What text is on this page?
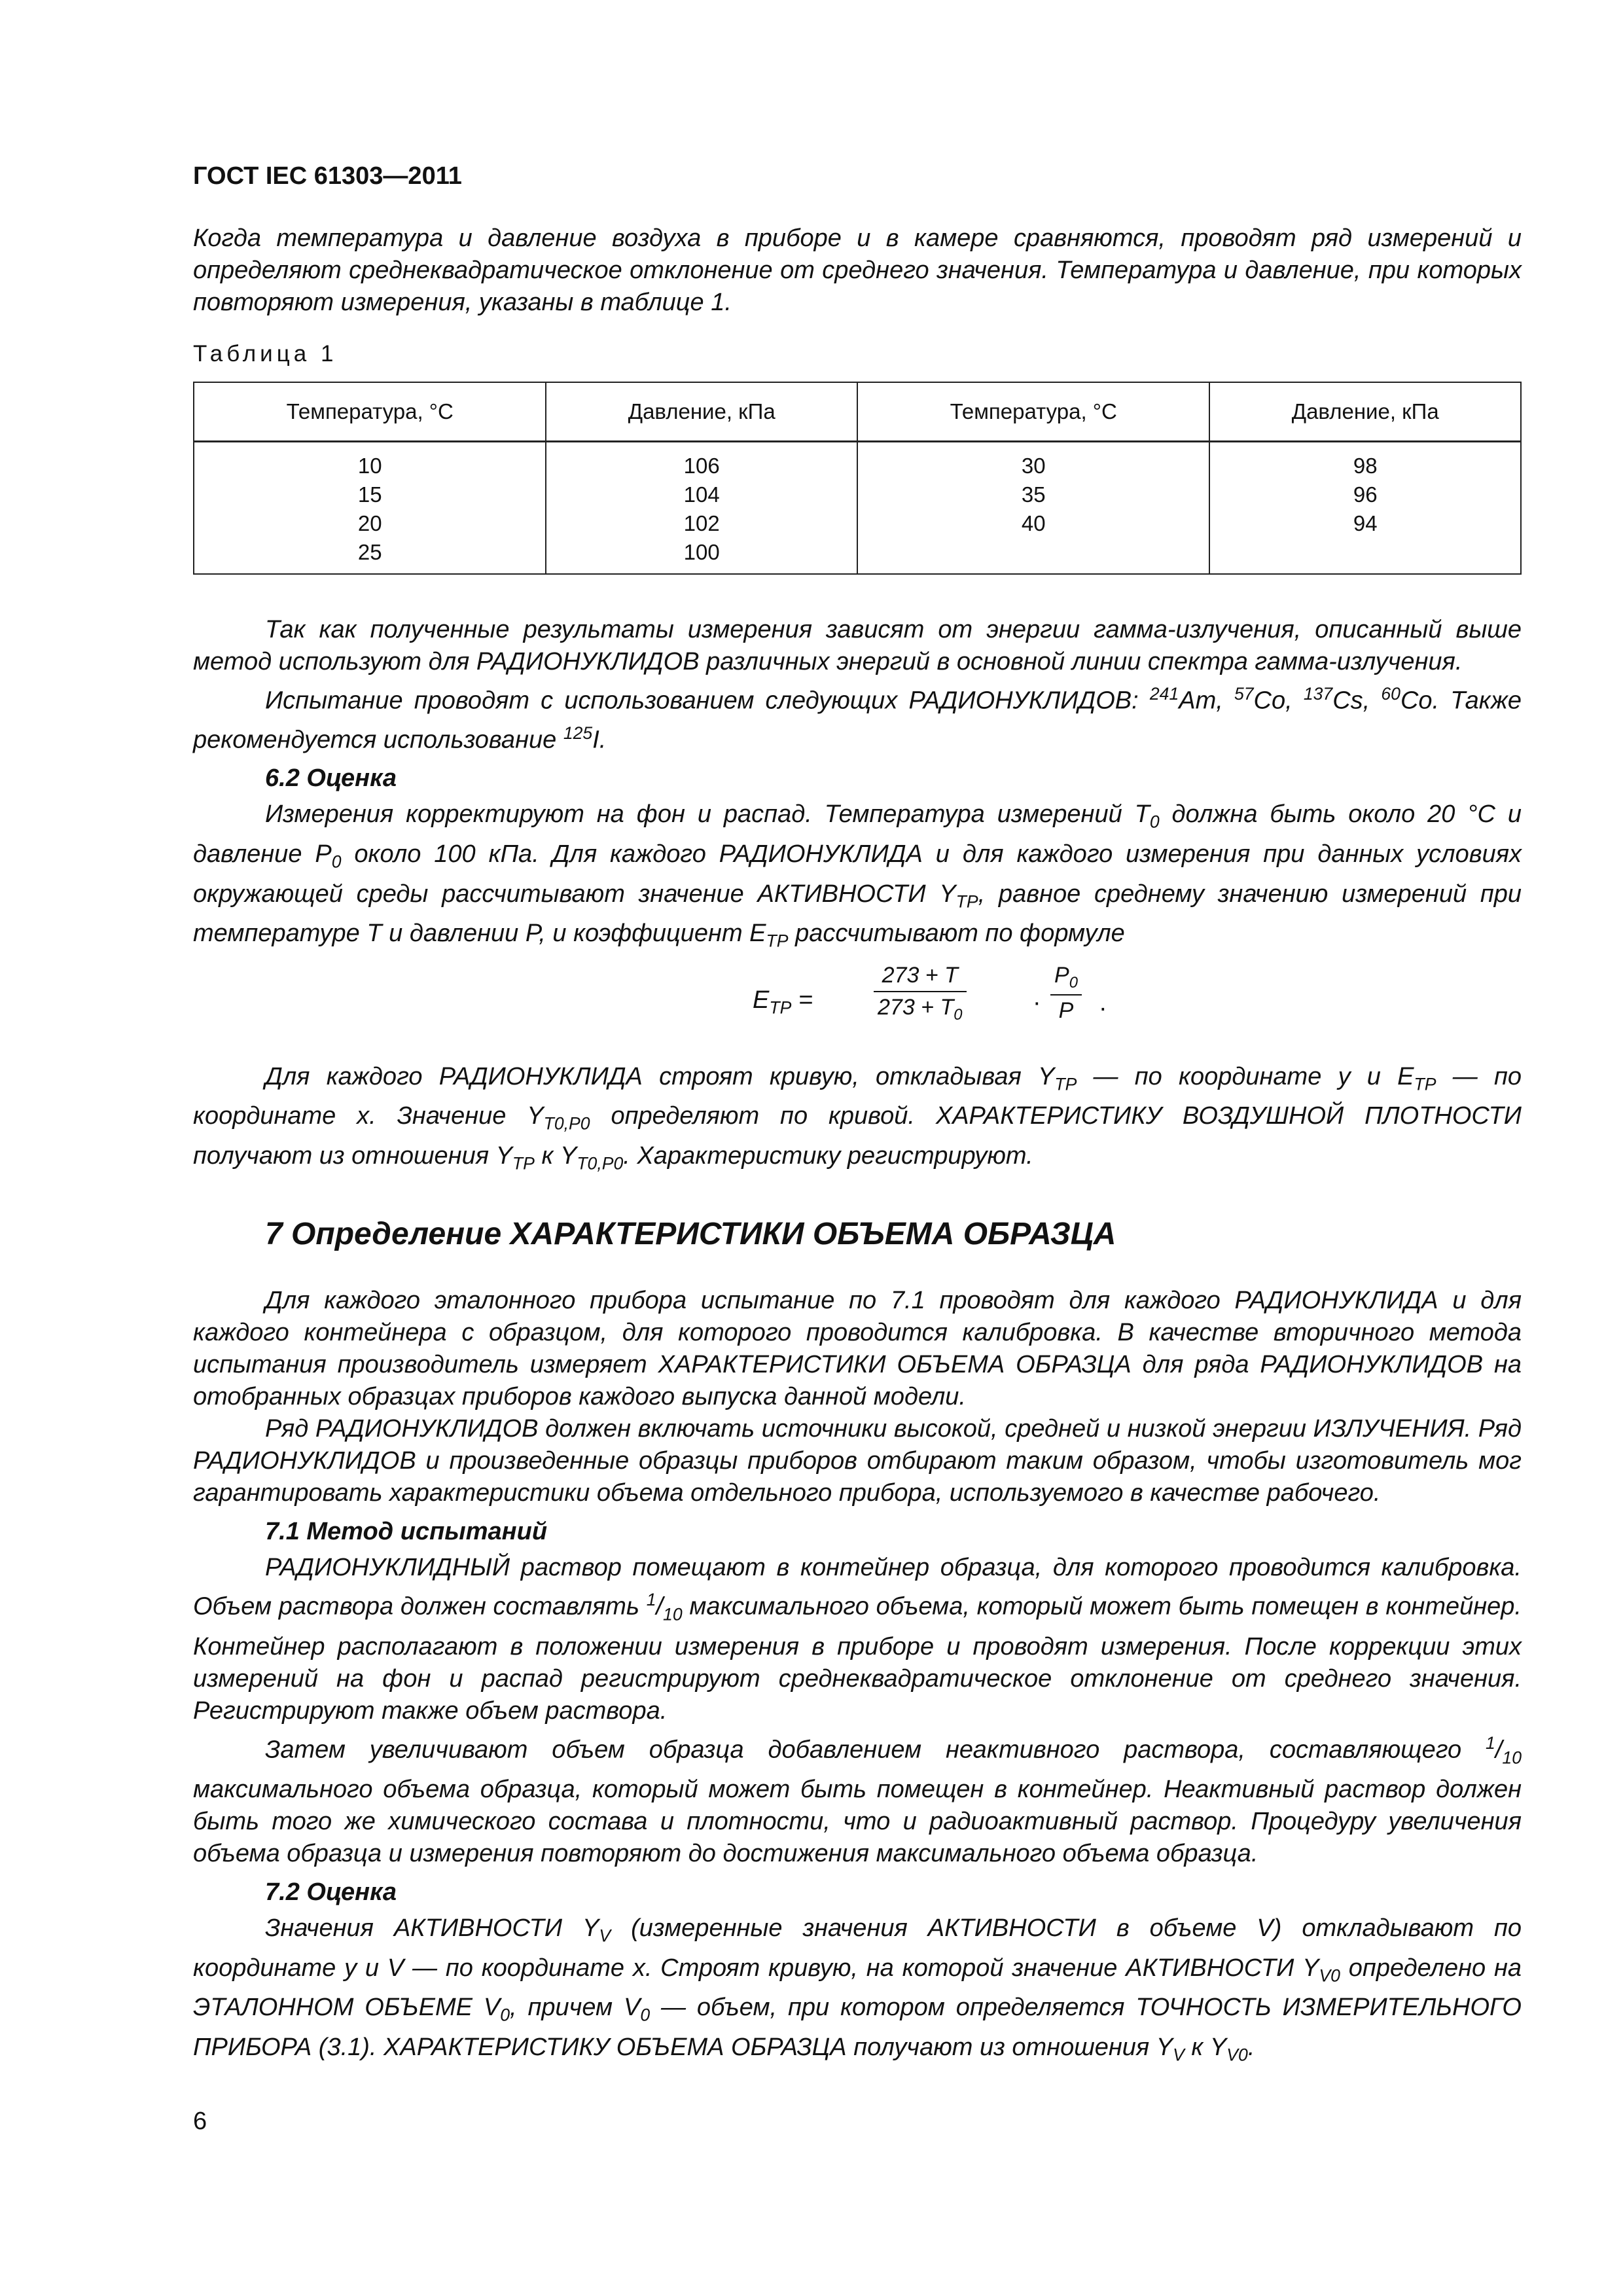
ГОСТ IEC 61303—2011

Когда температура и давление воздуха в приборе и в камере сравняются, проводят ряд измерений и определяют среднеквадратическое отклонение от среднего значения. Температура и давление, при которых повторяют измерения, указаны в таблице 1.

Таблица 1
Температура, °С	Давление, кПа	Температура, °С	Давление, кПа
10
15
20
25	106
104
102
100	30
35
40	98
96
94

Так как полученные результаты измерения зависят от энергии гамма-излучения, описанный выше метод используют для РАДИОНУКЛИДОВ различных энергий в основной линии спектра гамма-излучения.

Испытание проводят с использованием следующих РАДИОНУКЛИДОВ: $^{241}$Am, $^{57}$Co, $^{137}$Cs, $^{60}$Co. Также рекомендуется использование $^{125}$I.

6.2 Оценка

Измерения корректируют на фон и распад. Температура измерений $T_0$ должна быть около 20 °С и давление $P_0$ около 100 кПа. Для каждого РАДИОНУКЛИДА и для каждого измерения при данных условиях окружающей среды рассчитывают значение АКТИВНОСТИ $Y_{TP}$, равное среднему значению измерений при температуре T и давлении P, и коэффициент $E_{TP}$ рассчитывают по формуле

$E_{TP}$ =	$\frac{273 + T}{273 + T_0}$	· $\frac{P_0}{P}$ .

Для каждого РАДИОНУКЛИДА строят кривую, откладывая $Y_{TP}$ — по координате y и $E_{TP}$ — по координате x. Значение $Y_{T0,P0}$ определяют по кривой. ХАРАКТЕРИСТИКУ ВОЗДУШНОЙ ПЛОТНОСТИ получают из отношения $Y_{TP}$ к $Y_{T0,P0}$. Характеристику регистрируют.

7 Определение ХАРАКТЕРИСТИКИ ОБЪЕМА ОБРАЗЦА

Для каждого эталонного прибора испытание по 7.1 проводят для каждого РАДИОНУКЛИДА и для каждого контейнера с образцом, для которого проводится калибровка. В качестве вторичного метода испытания производитель измеряет ХАРАКТЕРИСТИКИ ОБЪЕМА ОБРАЗЦА для ряда РАДИОНУКЛИДОВ на отобранных образцах приборов каждого выпуска данной модели.

Ряд РАДИОНУКЛИДОВ должен включать источники высокой, средней и низкой энергии ИЗЛУЧЕНИЯ. Ряд РАДИОНУКЛИДОВ и произведенные образцы приборов отбирают таким образом, чтобы изготовитель мог гарантировать характеристики объема отдельного прибора, используемого в качестве рабочего.

7.1 Метод испытаний

РАДИОНУКЛИДНЫЙ раствор помещают в контейнер образца, для которого проводится калибровка. Объем раствора должен составлять $^1/_{10}$ максимального объема, который может быть помещен в контейнер. Контейнер располагают в положении измерения в приборе и проводят измерения. После коррекции этих измерений на фон и распад регистрируют среднеквадратическое отклонение от среднего значения. Регистрируют также объем раствора.

Затем увеличивают объем образца добавлением неактивного раствора, составляющего $^1/_{10}$ максимального объема образца, который может быть помещен в контейнер. Неактивный раствор должен быть того же химического состава и плотности, что и радиоактивный раствор. Процедуру увеличения объема образца и измерения повторяют до достижения максимального объема образца.

7.2 Оценка

Значения АКТИВНОСТИ $Y_V$ (измеренные значения АКТИВНОСТИ в объеме V) откладывают по координате y и V — по координате x. Строят кривую, на которой значение АКТИВНОСТИ $Y_{V0}$ определено на ЭТАЛОННОМ ОБЪЕМЕ $V_0$, причем $V_0$ — объем, при котором определяется ТОЧНОСТЬ ИЗМЕРИТЕЛЬНОГО ПРИБОРА (3.1). ХАРАКТЕРИСТИКУ ОБЪЕМА ОБРАЗЦА получают из отношения $Y_V$ к $Y_{V0}$.

6
